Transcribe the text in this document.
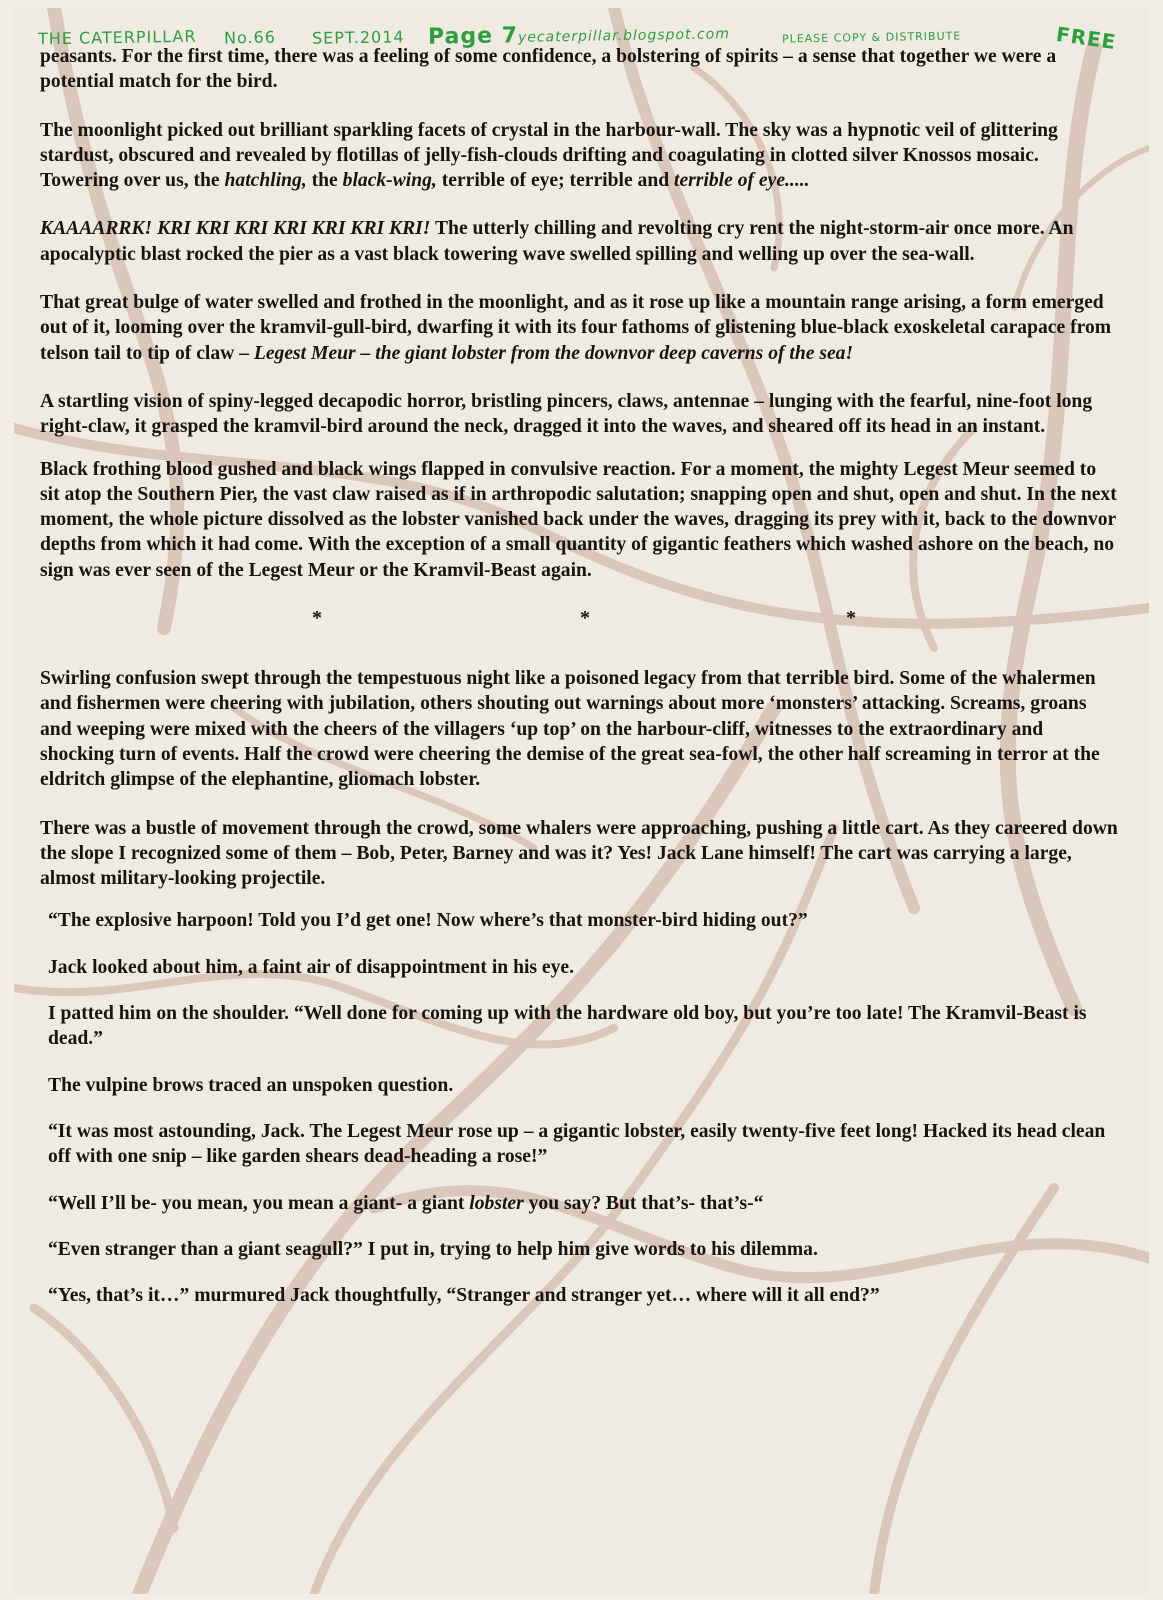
THE CATERPILLAR No.66 SEPT.2014 Page 7 yecaterpillar.blogspot.com	PLEASE COPY & DISTRIBUTE	FREE

peasants. For the first time, there was a feeling of some confidence, a bolstering of spirits – a sense that together we were a potential match for the bird.

The moonlight picked out brilliant sparkling facets of crystal in the harbour-wall. The sky was a hypnotic veil of glittering stardust, obscured and revealed by flotillas of jelly-fish-clouds drifting and coagulating in clotted silver Knossos mosaic. Towering over us, the hatchling, the black-wing, terrible of eye; terrible and terrible of eye.....

KAAAARRK! KRI KRI KRI KRI KRI KRI KRI! The utterly chilling and revolting cry rent the night-storm-air once more. An apocalyptic blast rocked the pier as a vast black towering wave swelled spilling and welling up over the sea-wall.

That great bulge of water swelled and frothed in the moonlight, and as it rose up like a mountain range arising, a form emerged out of it, looming over the kramvil-gull-bird, dwarfing it with its four fathoms of glistening blue-black exoskeletal carapace from telson tail to tip of claw – Legest Meur – the giant lobster from the downvor deep caverns of the sea!

A startling vision of spiny-legged decapodic horror, bristling pincers, claws, antennae – lunging with the fearful, nine-foot long right-claw, it grasped the kramvil-bird around the neck, dragged it into the waves, and sheared off its head in an instant.

Black frothing blood gushed and black wings flapped in convulsive reaction. For a moment, the mighty Legest Meur seemed to sit atop the Southern Pier, the vast claw raised as if in arthropodic salutation; snapping open and shut, open and shut. In the next moment, the whole picture dissolved as the lobster vanished back under the waves, dragging its prey with it, back to the downvor depths from which it had come. With the exception of a small quantity of gigantic feathers which washed ashore on the beach, no sign was ever seen of the Legest Meur or the Kramvil-Beast again.

*	*	*

Swirling confusion swept through the tempestuous night like a poisoned legacy from that terrible bird. Some of the whalermen and fishermen were cheering with jubilation, others shouting out warnings about more ‘monsters’ attacking. Screams, groans and weeping were mixed with the cheers of the villagers ‘up top’ on the harbour-cliff, witnesses to the extraordinary and shocking turn of events. Half the crowd were cheering the demise of the great sea-fowl, the other half screaming in terror at the eldritch glimpse of the elephantine, gliomach lobster.

There was a bustle of movement through the crowd, some whalers were approaching, pushing a little cart. As they careered down the slope I recognized some of them – Bob, Peter, Barney and was it? Yes! Jack Lane himself! The cart was carrying a large, almost military-looking projectile.

“The explosive harpoon! Told you I’d get one! Now where’s that monster-bird hiding out?”

Jack looked about him, a faint air of disappointment in his eye.

I patted him on the shoulder. “Well done for coming up with the hardware old boy, but you’re too late! The Kramvil-Beast is dead.”

The vulpine brows traced an unspoken question.

“It was most astounding, Jack. The Legest Meur rose up – a gigantic lobster, easily twenty-five feet long! Hacked its head clean off with one snip – like garden shears dead-heading a rose!”

“Well I’ll be- you mean, you mean a giant- a giant lobster you say? But that’s- that’s-“

“Even stranger than a giant seagull?” I put in, trying to help him give words to his dilemma.

“Yes, that’s it…” murmured Jack thoughtfully, “Stranger and stranger yet… where will it all end?”
